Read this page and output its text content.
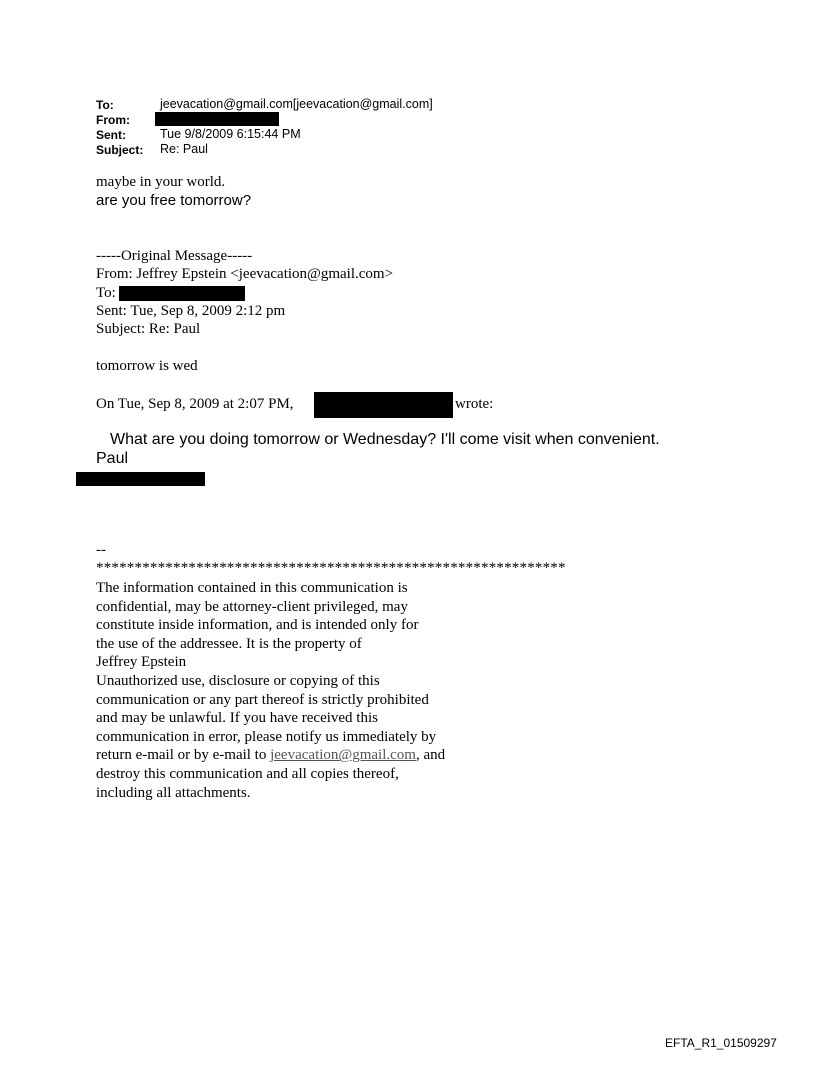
To:	jeevacation@gmail.com[jeevacation@gmail.com]
From:
Sent:	Tue 9/8/2009 6:15:44 PM
Subject: Re: Paul
maybe in your world.
are you free tomorrow?
-----Original Message-----
From: Jeffrey Epstein <jeevacation@gmail.com>
To:
Sent: Tue, Sep 8, 2009 2:12 pm
Subject: Re: Paul
tomorrow is wed
On Tue, Sep 8, 2009 at 2:07 PM,	wrote:
What are you doing tomorrow or Wednesday? I'll come visit when convenient.
Paul
--
*************************************************************
The information contained in this communication is
confidential, may be attorney-client privileged, may
constitute inside information, and is intended only for
the use of the addressee. It is the property of
Jeffrey Epstein
Unauthorized use, disclosure or copying of this
communication or any part thereof is strictly prohibited
and may be unlawful. If you have received this
communication in error, please notify us immediately by
return e-mail or by e-mail to jeevacation@gmail.com, and
destroy this communication and all copies thereof,
including all attachments.
EFTA_R1_01509297
